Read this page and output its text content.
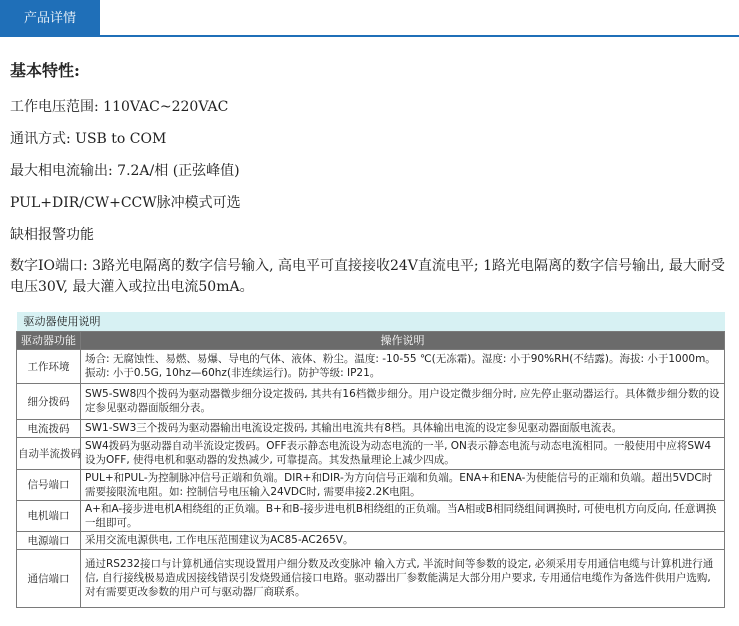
产品详情
基本特性:
工作电压范围: 110VAC~220VAC
通讯方式: USB to COM
最大相电流输出: 7.2A/相 (正弦峰值)
PUL+DIR/CW+CCW脉冲模式可选
缺相报警功能
数字IO端口: 3路光电隔离的数字信号输入, 高电平可直接接收24V直流电平; 1路光电隔离的数字信号输出, 最大耐受电压30V, 最大灌入或拉出电流50mA。
驱动器使用说明	
驱动器功能	操作说明
工作环境	场合: 无腐蚀性、易燃、易爆、导电的气体、液体、粉尘。温度: -10-55 ℃(无冻霜)。湿度: 小于90%RH(不结露)。海拔: 小于1000m。振动: 小于0.5G, 10hz—60hz(非连续运行)。防护等级: IP21。
细分拨码	SW5-SW8四个拨码为驱动器微步细分设定拨码, 其共有16档微步细分。用户设定微步细分时, 应先停止驱动器运行。具体微步细分数的设定参见驱动器面版细分表。
电流拨码	SW1-SW3三个拨码为驱动器输出电流设定拨码, 其输出电流共有8档。具体输出电流的设定参见驱动器面版电流表。
自动半流拨码	SW4拨码为驱动器自动半流设定拨码。OFF表示静态电流设为动态电流的一半, ON表示静态电流与动态电流相同。一般使用中应将SW4设为OFF, 使得电机和驱动器的发热减少, 可靠提高。其发热量理论上减少四成。
信号端口	PUL+和PUL-为控制脉冲信号正端和负端。DIR+和DIR-为方向信号正端和负端。ENA+和ENA-为使能信号的正端和负端。超出5VDC时需要接限流电阻。如: 控制信号电压输入24VDC时, 需要串接2.2K电阻。
电机端口	A+和A-接步进电机A相绕组的正负端。B+和B-接步进电机B相绕组的正负端。当A相或B相同绕组间调换时, 可使电机方向反向, 任意调换一组即可。
电源端口	采用交流电源供电, 工作电压范围建议为AC85-AC265V。
通信端口	通过RS232接口与计算机通信实现设置用户细分数及改变脉冲 输入方式, 半流时间等参数的设定, 必须采用专用通信电缆与计算机进行通信, 自行接线极易造成因接线错误引发烧毁通信接口电路。驱动器出厂参数能满足大部分用户要求, 专用通信电缆作为备选件供用户选购, 对有需要更改参数的用户可与驱动器厂商联系。
